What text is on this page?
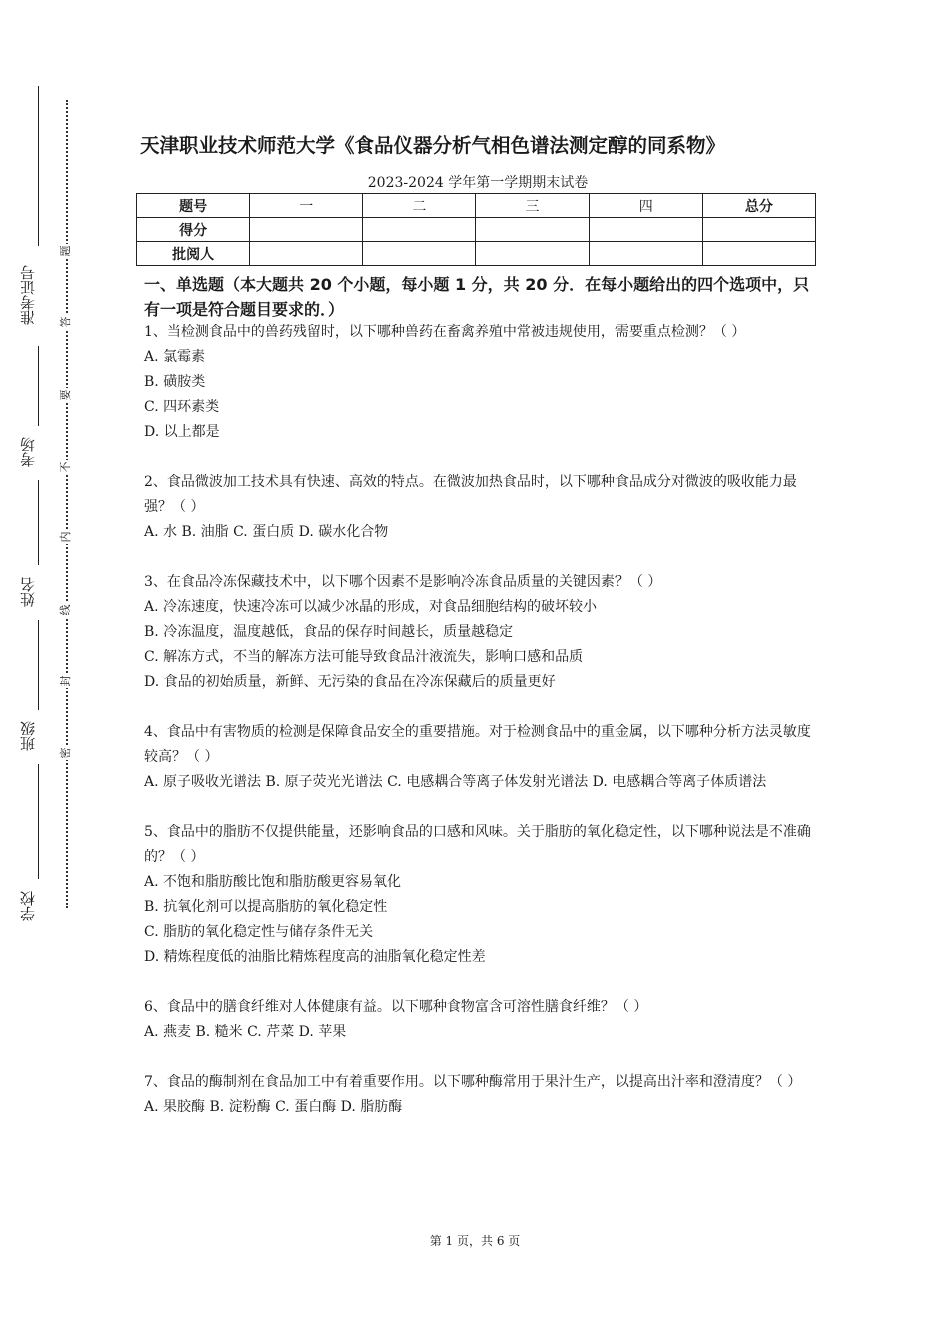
准考证号
考场
姓名
班级
学校
题
答
要
不
内
线
封
密
天津职业技术师范大学《食品仪器分析气相色谱法测定醇的同系物》
2023-2024 学年第一学期期末试卷
题号	一	二	三	四	总分
得分					
批阅人					
一、单选题（本大题共 20 个小题，每小题 1 分，共 20 分．在每小题给出的四个选项中，只有一项是符合题目要求的．）

1、当检测食品中的兽药残留时，以下哪种兽药在畜禽养殖中常被违规使用，需要重点检测？（ ）

A. 氯霉素

B. 磺胺类

C. 四环素类

D. 以上都是

2、食品微波加工技术具有快速、高效的特点。在微波加热食品时，以下哪种食品成分对微波的吸收能力最强？（ ）

A. 水 B. 油脂 C. 蛋白质 D. 碳水化合物

3、在食品冷冻保藏技术中，以下哪个因素不是影响冷冻食品质量的关键因素？（ ）

A. 冷冻速度，快速冷冻可以减少冰晶的形成，对食品细胞结构的破坏较小

B. 冷冻温度，温度越低，食品的保存时间越长，质量越稳定

C. 解冻方式，不当的解冻方法可能导致食品汁液流失，影响口感和品质

D. 食品的初始质量，新鲜、无污染的食品在冷冻保藏后的质量更好

4、食品中有害物质的检测是保障食品安全的重要措施。对于检测食品中的重金属，以下哪种分析方法灵敏度较高？（ ）

A. 原子吸收光谱法 B. 原子荧光光谱法 C. 电感耦合等离子体发射光谱法 D. 电感耦合等离子体质谱法

5、食品中的脂肪不仅提供能量，还影响食品的口感和风味。关于脂肪的氧化稳定性，以下哪种说法是不准确的？（ ）

A. 不饱和脂肪酸比饱和脂肪酸更容易氧化

B. 抗氧化剂可以提高脂肪的氧化稳定性

C. 脂肪的氧化稳定性与储存条件无关

D. 精炼程度低的油脂比精炼程度高的油脂氧化稳定性差

6、食品中的膳食纤维对人体健康有益。以下哪种食物富含可溶性膳食纤维？（ ）

A. 燕麦 B. 糙米 C. 芹菜 D. 苹果

7、食品的酶制剂在食品加工中有着重要作用。以下哪种酶常用于果汁生产，以提高出汁率和澄清度？（ ）

A. 果胶酶 B. 淀粉酶 C. 蛋白酶 D. 脂肪酶

第 1 页，共 6 页
